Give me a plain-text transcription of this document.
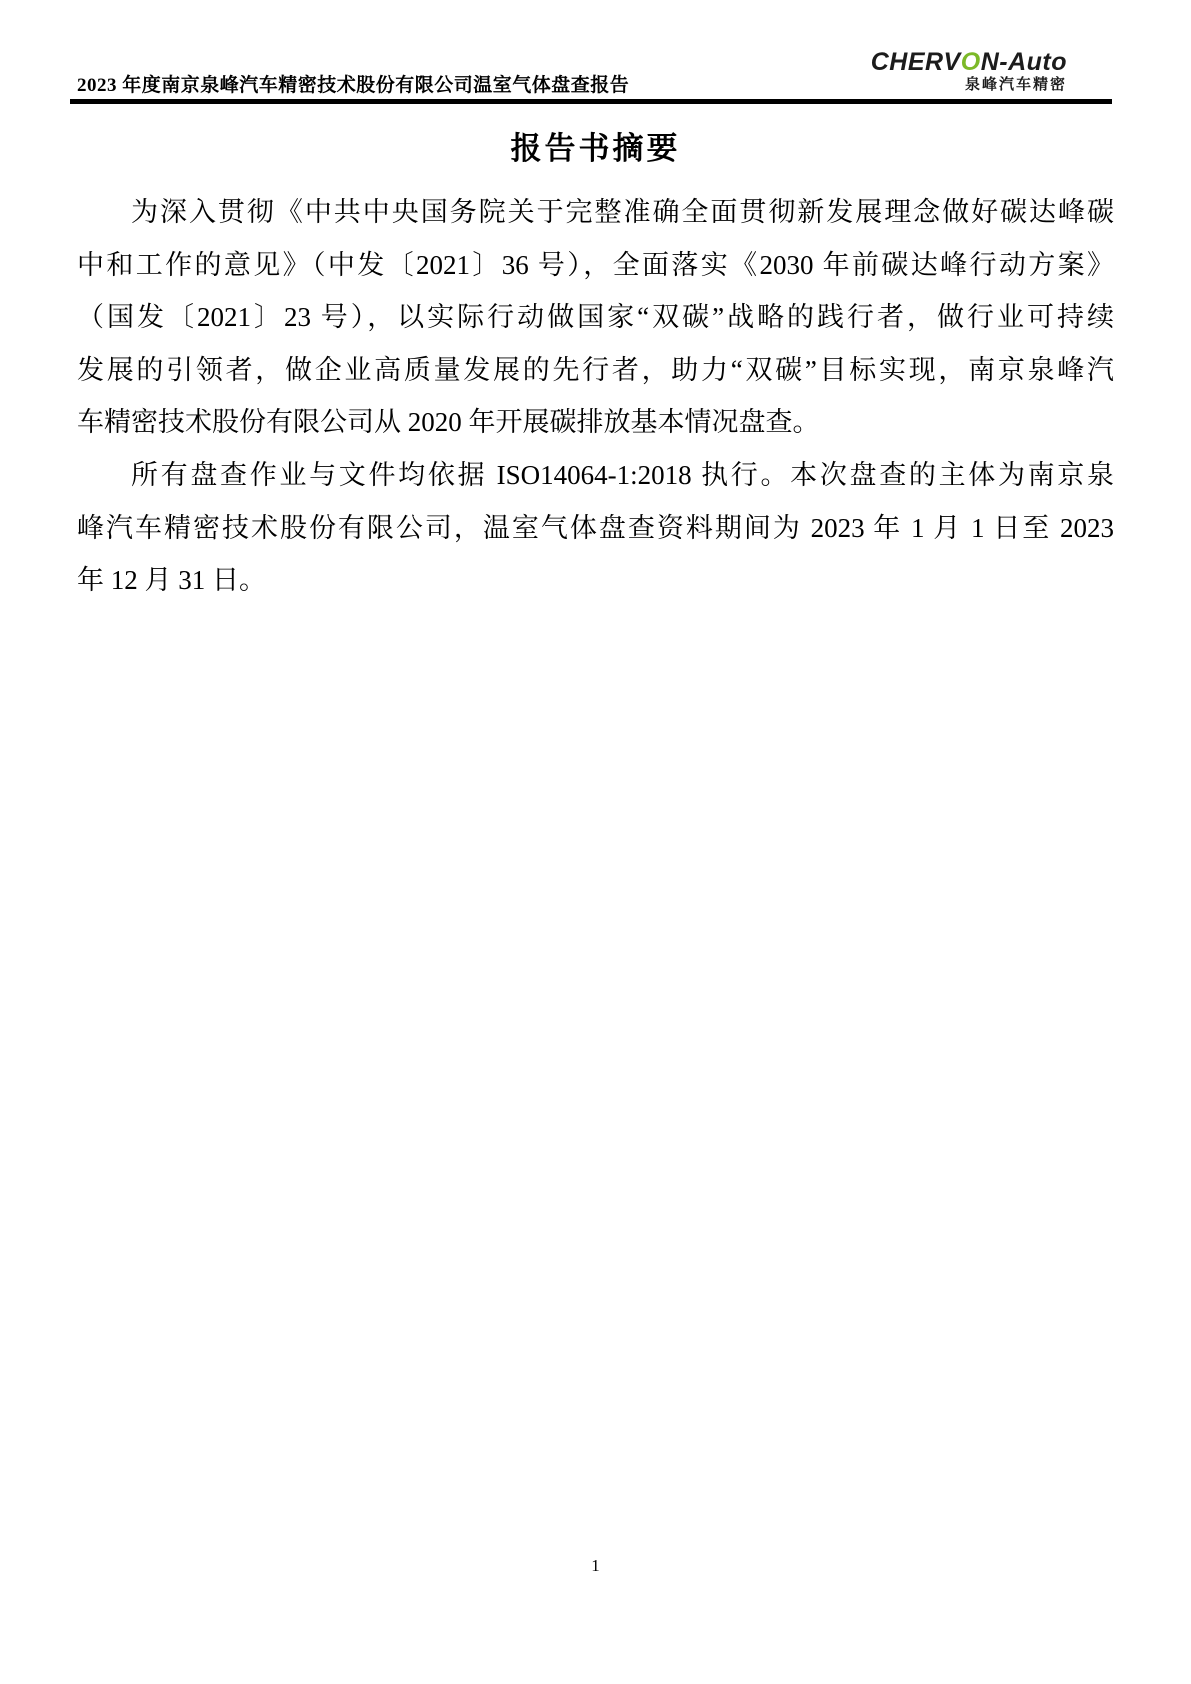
2023 年度南京泉峰汽车精密技术股份有限公司温室气体盘查报告
CHERVON-Auto
泉峰汽车精密
报告书摘要
为深入贯彻《中共中央国务院关于完整准确全面贯彻新发展理念做好碳达峰碳
中和工作的意见》（中发〔2021〕36 号），全面落实《2030 年前碳达峰行动方案》
（国发〔2021〕23 号），以实际行动做国家“双碳”战略的践行者，做行业可持续
发展的引领者，做企业高质量发展的先行者，助力“双碳”目标实现，南京泉峰汽
车精密技术股份有限公司从 2020 年开展碳排放基本情况盘查。
所有盘查作业与文件均依据 ISO14064-1:2018 执行。本次盘查的主体为南京泉
峰汽车精密技术股份有限公司，温室气体盘查资料期间为 2023 年 1 月 1 日至 2023
年 12 月 31 日。
1
